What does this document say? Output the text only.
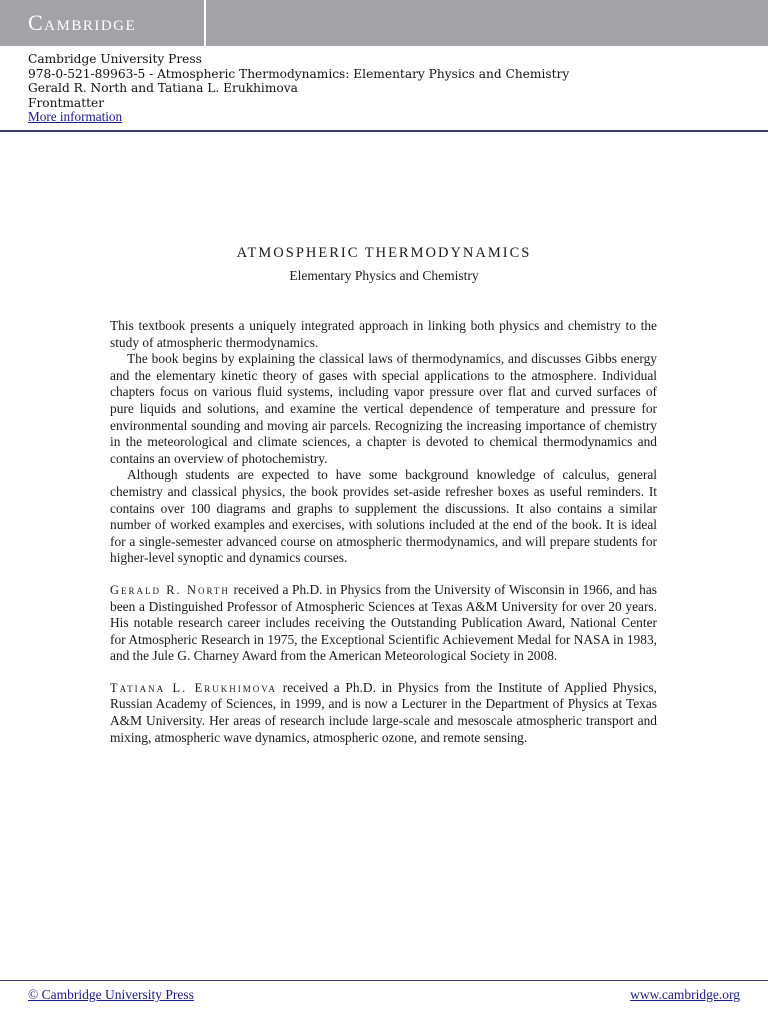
Cambridge
Cambridge University Press
978-0-521-89963-5 - Atmospheric Thermodynamics: Elementary Physics and Chemistry
Gerald R. North and Tatiana L. Erukhimova
Frontmatter
More information
ATMOSPHERIC THERMODYNAMICS
Elementary Physics and Chemistry

This textbook presents a uniquely integrated approach in linking both physics and chemistry to the study of atmospheric thermodynamics.

The book begins by explaining the classical laws of thermodynamics, and discusses Gibbs energy and the elementary kinetic theory of gases with special applications to the atmosphere. Individual chapters focus on various fluid systems, including vapor pressure over flat and curved surfaces of pure liquids and solutions, and examine the vertical dependence of temperature and pressure for environmental sounding and moving air parcels. Recognizing the increasing importance of chemistry in the meteorological and climate sciences, a chapter is devoted to chemical thermodynamics and contains an overview of photochemistry.

Although students are expected to have some background knowledge of calculus, general chemistry and classical physics, the book provides set-aside refresher boxes as useful reminders. It contains over 100 diagrams and graphs to supplement the discussions. It also contains a similar number of worked examples and exercises, with solutions included at the end of the book. It is ideal for a single-semester advanced course on atmospheric thermodynamics, and will prepare students for higher-level synoptic and dynamics courses.

Gerald R. North received a Ph.D. in Physics from the University of Wisconsin in 1966, and has been a Distinguished Professor of Atmospheric Sciences at Texas A&M University for over 20 years. His notable research career includes receiving the Outstanding Publication Award, National Center for Atmospheric Research in 1975, the Exceptional Scientific Achievement Medal for NASA in 1983, and the Jule G. Charney Award from the American Meteorological Society in 2008.

Tatiana L. Erukhimova received a Ph.D. in Physics from the Institute of Applied Physics, Russian Academy of Sciences, in 1999, and is now a Lecturer in the Department of Physics at Texas A&M University. Her areas of research include large-scale and mesoscale atmospheric transport and mixing, atmospheric wave dynamics, atmospheric ozone, and remote sensing.

© Cambridge University Press	www.cambridge.org
